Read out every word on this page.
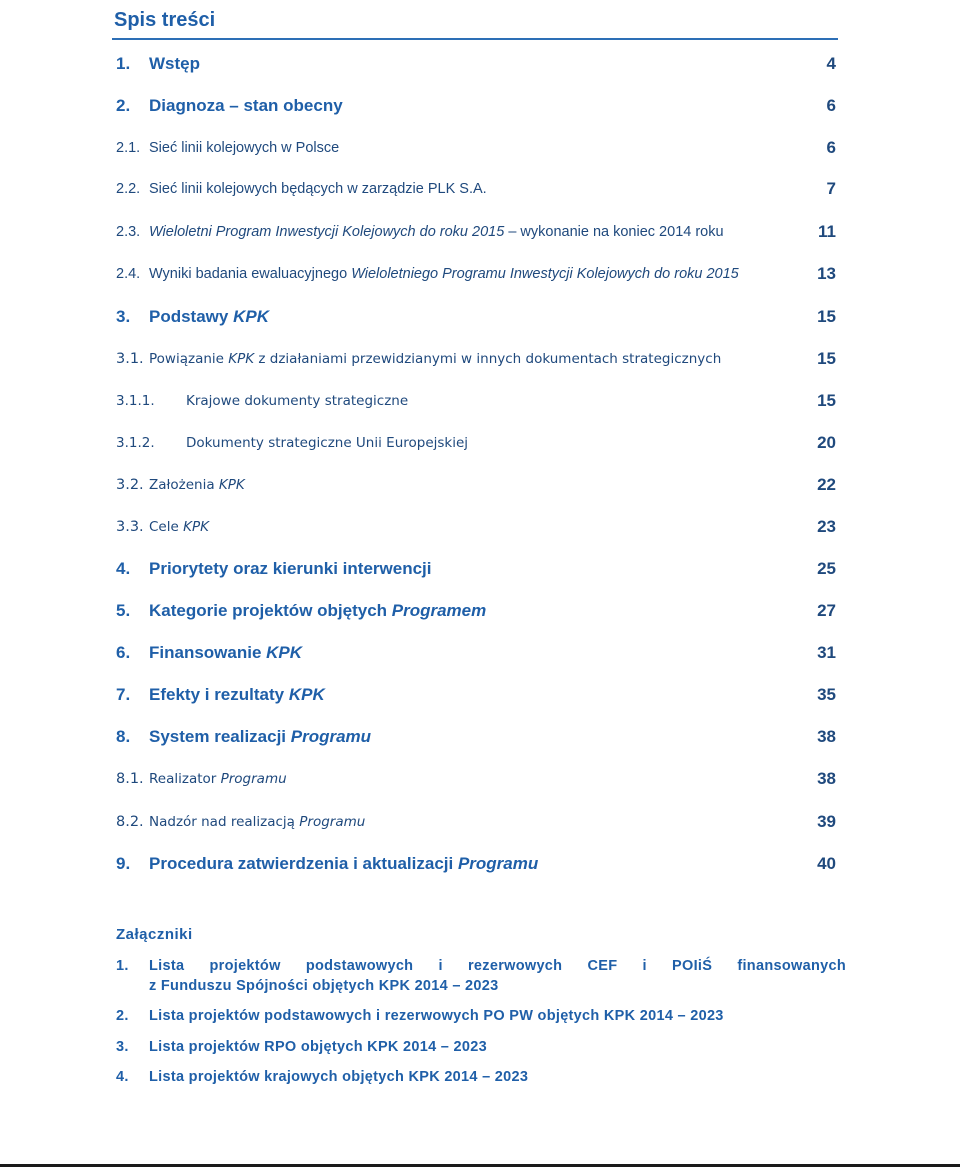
Spis treści
1.	Wstęp	4
2.	Diagnoza – stan obecny	6
2.1. Sieć linii kolejowych w Polsce	6
2.2. Sieć linii kolejowych będących w zarządzie PLK S.A.	7
2.3. Wieloletni Program Inwestycji Kolejowych do roku 2015 – wykonanie na koniec 2014 roku	11
2.4. Wyniki badania ewaluacyjnego Wieloletniego Programu Inwestycji Kolejowych do roku 2015	13
3.	Podstawy KPK	15
3.1. Powiązanie KPK z działaniami przewidzianymi w innych dokumentach strategicznych	15
3.1.1.	Krajowe dokumenty strategiczne	15
3.1.2.	Dokumenty strategiczne Unii Europejskiej	20
3.2. Założenia KPK	22
3.3. Cele KPK	23
4.	Priorytety oraz kierunki interwencji	25
5.	Kategorie projektów objętych Programem	27
6.	Finansowanie KPK	31
7.	Efekty i rezultaty KPK	35
8.	System realizacji Programu	38
8.1. Realizator Programu	38
8.2. Nadzór nad realizacją Programu	39
9.	Procedura zatwierdzenia i aktualizacji Programu	40
Załączniki
1. Lista projektów podstawowych i rezerwowych CEF i POIiŚ finansowanych
z Funduszu Spójności objętych KPK 2014 – 2023
2. Lista projektów podstawowych i rezerwowych PO PW objętych KPK 2014 – 2023
3. Lista projektów RPO objętych KPK 2014 – 2023
4. Lista projektów krajowych objętych KPK 2014 – 2023
